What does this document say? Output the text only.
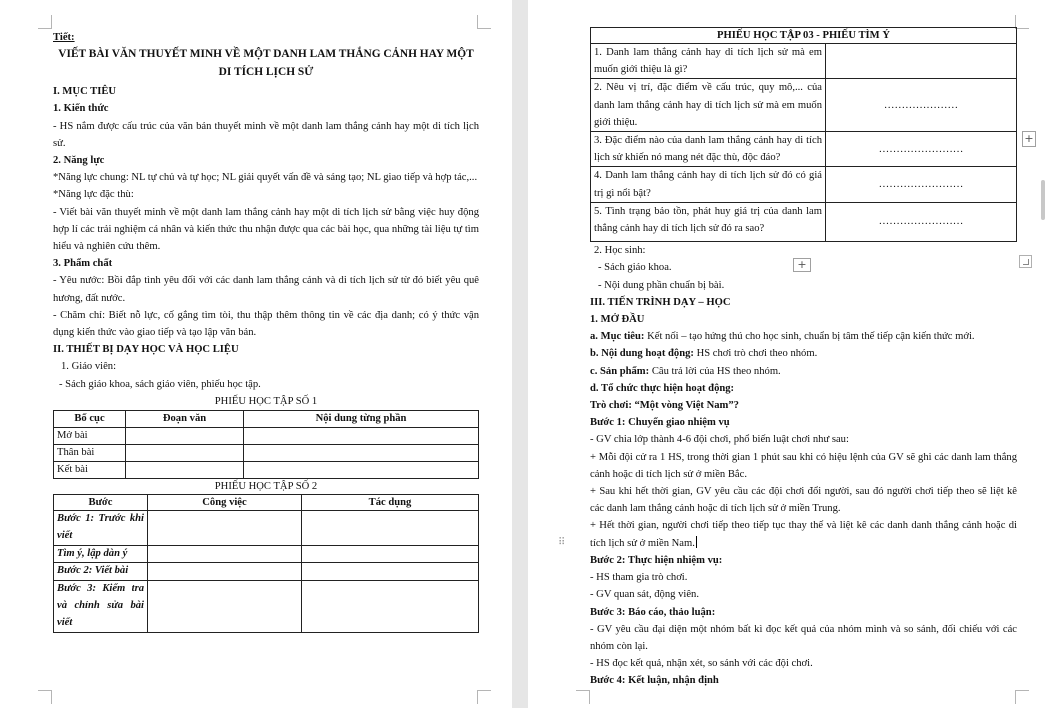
Tiết:

VIẾT BÀI VĂN THUYẾT MINH VỀ MỘT DANH LAM THẮNG CẢNH HAY MỘT DI TÍCH LỊCH SỬ

I. MỤC TIÊU

1. Kiến thức

- HS nắm được cấu trúc của văn bản thuyết minh về một danh lam thắng cảnh hay một di tích lịch sử.

2. Năng lực

*Năng lực chung: NL tự chủ và tự học; NL giải quyết vấn đề và sáng tạo; NL giao tiếp và hợp tác,...

*Năng lực đặc thù:

- Viết bài văn thuyết minh về một danh lam thắng cảnh hay một di tích lịch sử bằng việc huy động hợp lí các trải nghiệm cá nhân và kiến thức thu nhận được qua các bài học, qua những tài liệu tự tìm hiểu và nghiên cứu thêm.

3. Phẩm chất

- Yêu nước: Bồi đắp tình yêu đối với các danh lam thắng cảnh và di tích lịch sử từ đó biết yêu quê hương, đất nước.

- Chăm chỉ: Biết nỗ lực, cố gắng tìm tòi, thu thập thêm thông tin về các địa danh; có ý thức vận dụng kiến thức vào giao tiếp và tạo lập văn bản.

II. THIẾT BỊ DẠY HỌC VÀ HỌC LIỆU

1. Giáo viên:

- Sách giáo khoa, sách giáo viên, phiếu học tập.

PHIẾU HỌC TẬP SỐ 1

Bố cục	Đoạn văn	Nội dung từng phần
Mở bài		
Thân bài		
Kết bài		

PHIẾU HỌC TẬP SỐ 2

Bước	Công việc	Tác dụng
Bước 1: Trước khi viết		
Tìm ý, lập dàn ý		
Bước 2: Viết bài		
Bước 3: Kiểm tra và chỉnh sửa bài viết		
PHIẾU HỌC TẬP 03 - PHIẾU TÌM Ý	
1. Danh lam thắng cảnh hay di tích lịch sử mà em muốn giới thiệu là gì?	
2. Nêu vị trí, đặc điểm về cấu trúc, quy mô,... của danh lam thắng cảnh hay di tích lịch sử mà em muốn giới thiệu.	…………………
3. Đặc điểm nào của danh lam thắng cảnh hay di tích lịch sử khiến nó mang nét đặc thù, độc đáo?	……………………
4. Danh lam thắng cảnh hay di tích lịch sử đó có giá trị gì nổi bật?	……………………
5. Tình trạng bảo tồn, phát huy giá trị của danh lam thắng cảnh hay di tích lịch sử đó ra sao?	……………………

2. Học sinh:

- Sách giáo khoa.

- Nội dung phần chuẩn bị bài.

III. TIẾN TRÌNH DẠY – HỌC

1. MỞ ĐẦU

a. Mục tiêu: Kết nối – tạo hứng thú cho học sinh, chuẩn bị tâm thế tiếp cận kiến thức mới.

b. Nội dung hoạt động: HS chơi trò chơi theo nhóm.

c. Sản phẩm: Câu trả lời của HS theo nhóm.

d. Tổ chức thực hiện hoạt động:

Trò chơi: “Một vòng Việt Nam”?

Bước 1: Chuyển giao nhiệm vụ

- GV chia lớp thành 4-6 đội chơi, phổ biến luật chơi như sau:

+ Mỗi đội cử ra 1 HS, trong thời gian 1 phút sau khi có hiệu lệnh của GV sẽ ghi các danh lam thắng cảnh hoặc di tích lịch sử ở miền Bắc.

+ Sau khi hết thời gian, GV yêu cầu các đội chơi đổi người, sau đó người chơi tiếp theo sẽ liệt kê các danh lam thắng cảnh hoặc di tích lịch sử ở miền Trung.

+ Hết thời gian, người chơi tiếp theo tiếp tục thay thế và liệt kê các danh danh thắng cảnh hoặc di tích lịch sử ở miền Nam.

Bước 2: Thực hiện nhiệm vụ:

- HS tham gia trò chơi.

- GV quan sát, động viên.

Bước 3: Báo cáo, thảo luận:

- GV yêu cầu đại diện một nhóm bất kì đọc kết quả của nhóm mình và so sánh, đối chiếu với các nhóm còn lại.

- HS đọc kết quả, nhận xét, so sánh với các đội chơi.

Bước 4: Kết luận, nhận định

+
+
⠿
